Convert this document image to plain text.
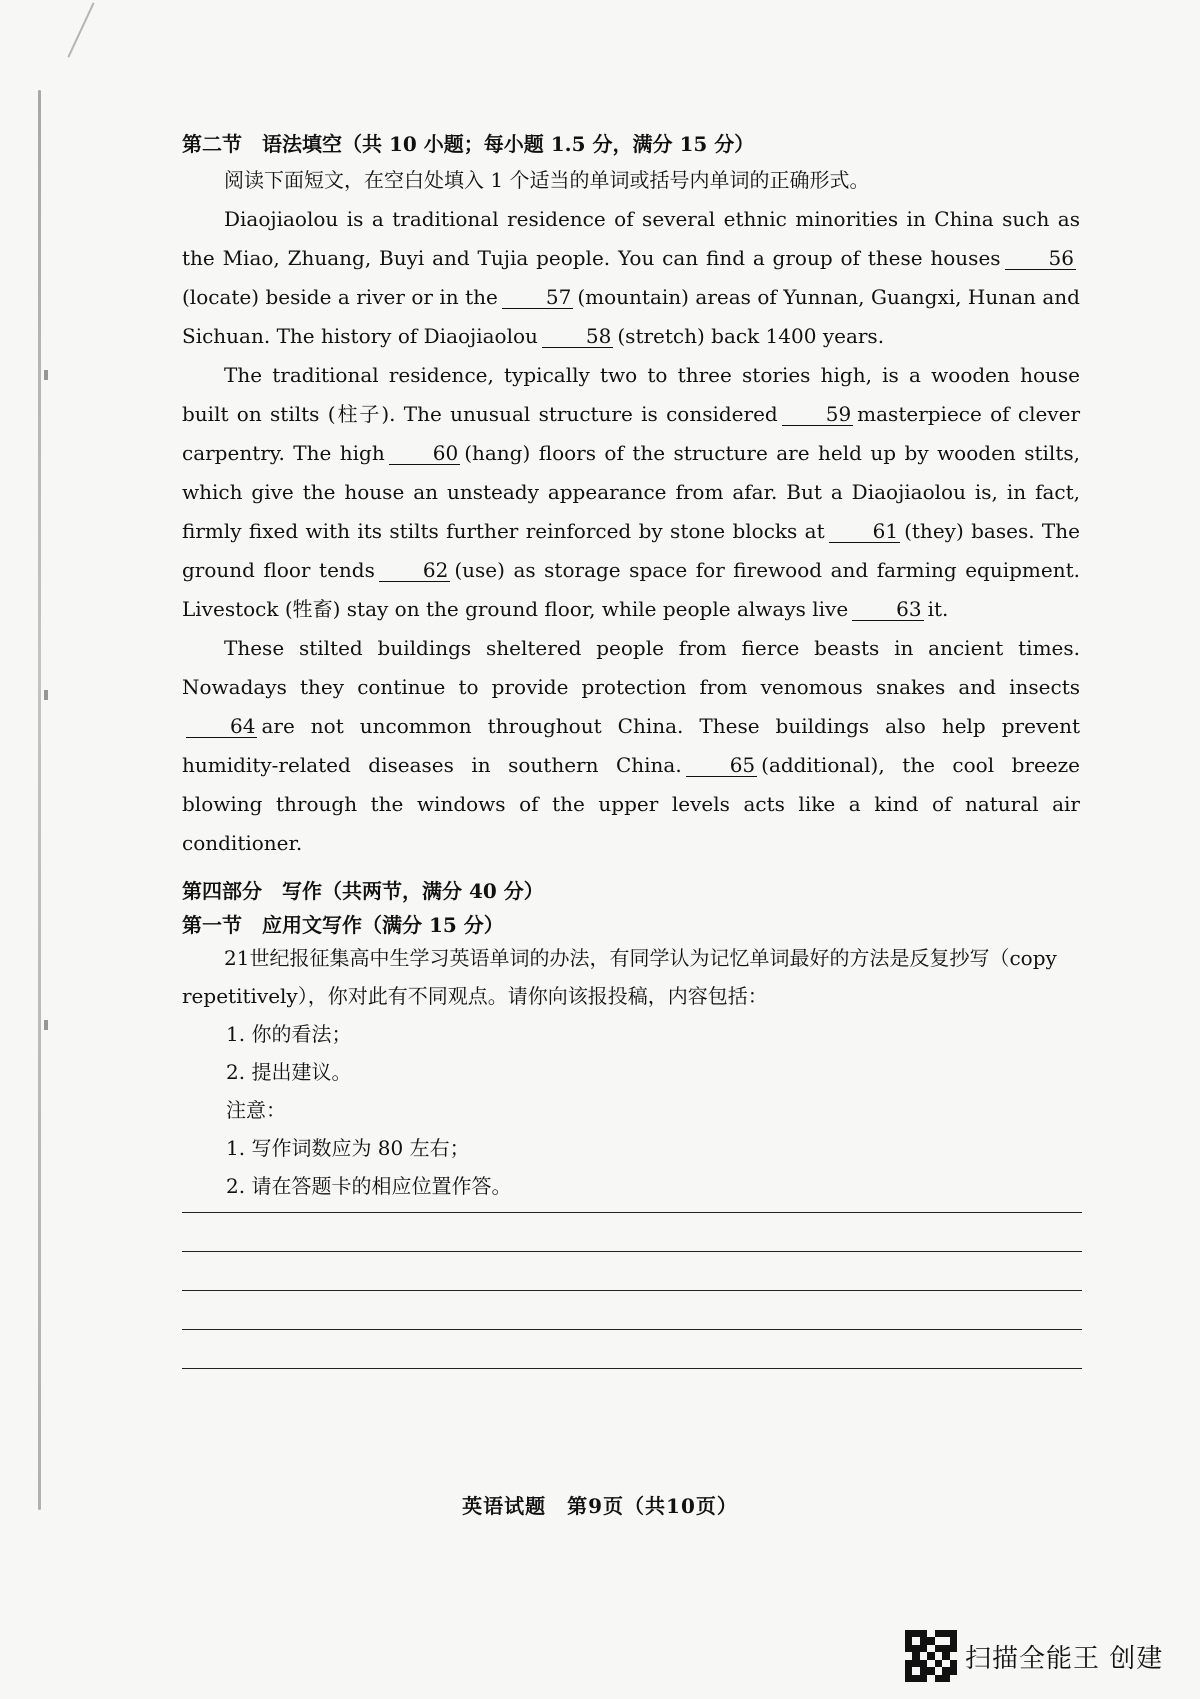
第二节 语法填空（共 10 小题；每小题 1.5 分，满分 15 分）

阅读下面短文，在空白处填入 1 个适当的单词或括号内单词的正确形式。

Diaojiaolou is a traditional residence of several ethnic minorities in China such as the Miao, Zhuang, Buyi and Tujia people. You can find a group of these houses 56(locate) beside a river or in the 57 (mountain) areas of Yunnan, Guangxi, Hunan and Sichuan. The history of Diaojiaolou 58 (stretch) back 1400 years.

The traditional residence, typically two to three stories high, is a wooden house built on stilts (柱子). The unusual structure is considered 59 masterpiece of clever carpentry. The high 60 (hang) floors of the structure are held up by wooden stilts, which give the house an unsteady appearance from afar. But a Diaojiaolou is, in fact, firmly fixed with its stilts further reinforced by stone blocks at 61 (they) bases. The ground floor tends 62 (use) as storage space for firewood and farming equipment. Livestock (牲畜) stay on the ground floor, while people always live 63 it.

These stilted buildings sheltered people from fierce beasts in ancient times. Nowadays they continue to provide protection from venomous snakes and insects64 are not uncommon throughout China. These buildings also help prevent humidity-related diseases in southern China. 65 (additional), the cool breeze blowing through the windows of the upper levels acts like a kind of natural air conditioner.

第四部分 写作（共两节，满分 40 分）

第一节 应用文写作（满分 15 分）

21世纪报征集高中生学习英语单词的办法，有同学认为记忆单词最好的方法是反复抄写（copy repetitively），你对此有不同观点。请你向该报投稿，内容包括：

1. 你的看法；

2. 提出建议。

注意：

1. 写作词数应为 80 左右；

2. 请在答题卡的相应位置作答。

英语试题　第9页（共10页）
扫描全能王 创建
